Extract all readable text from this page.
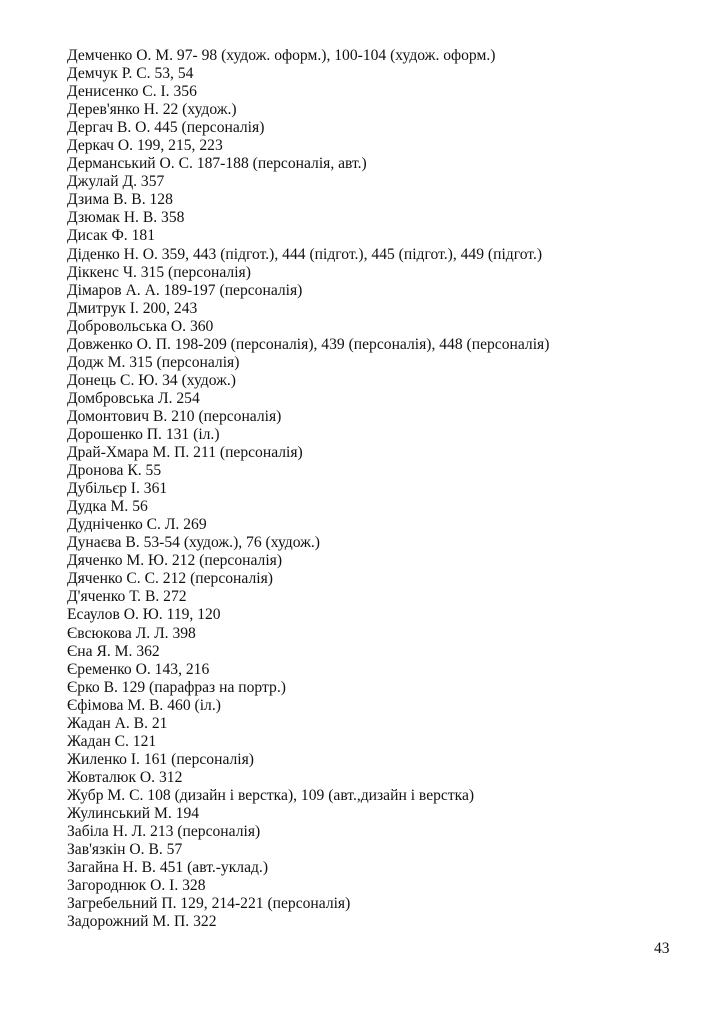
Демченко О. М. 97- 98 (худож. оформ.), 100-104 (худож. оформ.)
Демчук Р. С. 53, 54
Денисенко С. І. 356
Дерев'янко Н. 22 (худож.)
Дергач В. О. 445 (персоналія)
Деркач О. 199, 215, 223
Дерманський О. С. 187-188 (персоналія, авт.)
Джулай Д. 357
Дзима В. В. 128
Дзюмак Н. В. 358
Дисак Ф. 181
Діденко Н. О. 359, 443 (підгот.), 444 (підгот.), 445 (підгот.), 449 (підгот.)
Діккенс Ч. 315 (персоналія)
Дімаров А. А. 189-197 (персоналія)
Дмитрук І. 200, 243
Добровольська О. 360
Довженко О. П. 198-209 (персоналія), 439 (персоналія), 448 (персоналія)
Додж М. 315 (персоналія)
Донець С. Ю. 34 (худож.)
Домбровська Л. 254
Домонтович В. 210 (персоналія)
Дорошенко П. 131 (іл.)
Драй-Хмара М. П. 211 (персоналія)
Дронова К. 55
Дубільєр І. 361
Дудка М. 56
Дудніченко С. Л. 269
Дунаєва В. 53-54 (худож.), 76 (худож.)
Дяченко М. Ю. 212 (персоналія)
Дяченко С. С. 212 (персоналія)
Д'яченко Т. В. 272
Есаулов О. Ю. 119, 120
Євсюкова Л. Л. 398
Єна Я. М. 362
Єременко О. 143, 216
Єрко В. 129 (парафраз на портр.)
Єфімова М. В. 460 (іл.)
Жадан А. В. 21
Жадан С. 121
Жиленко І. 161 (персоналія)
Жовталюк О. 312
Жубр М. С. 108 (дизайн і верстка), 109 (авт.,дизайн і верстка)
Жулинський М. 194
Забіла Н. Л. 213 (персоналія)
Зав'язкін О. В. 57
Загайна Н. В. 451 (авт.-уклад.)
Загороднюк О. І. 328
Загребельний П. 129, 214-221 (персоналія)
Задорожний М. П. 322
43
